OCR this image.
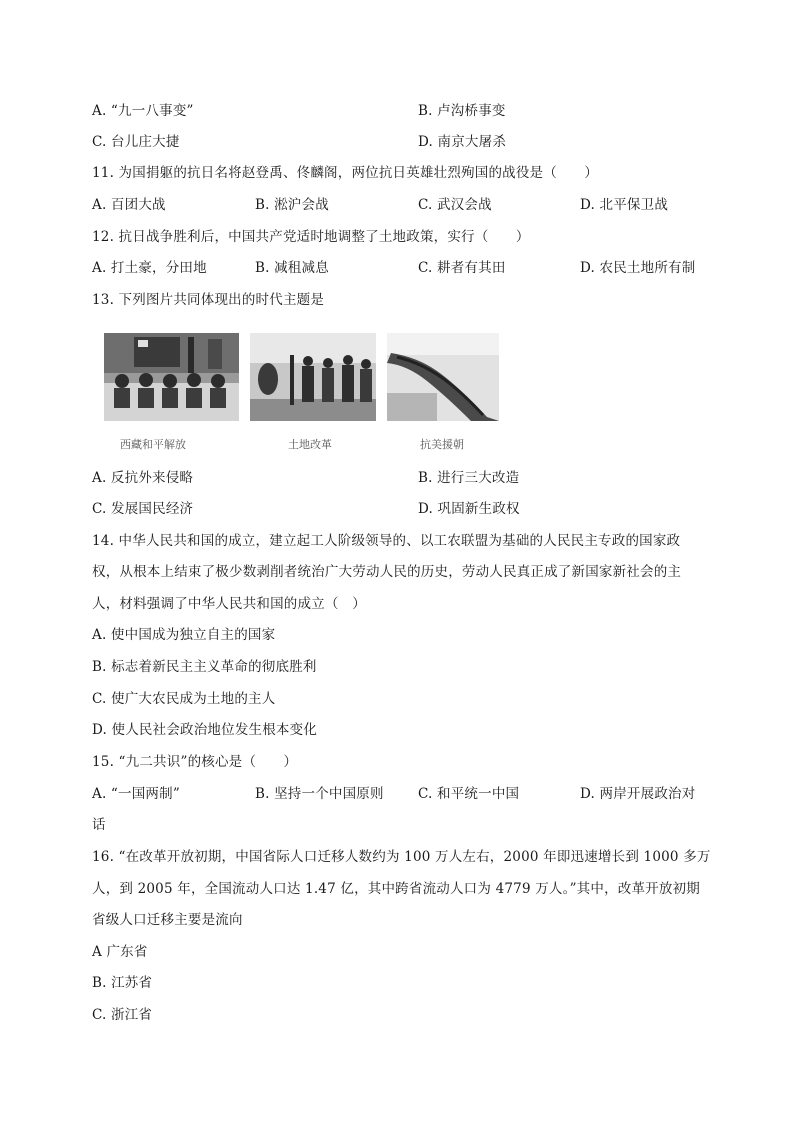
A. “九一八事变”	B. 卢沟桥事变
C. 台儿庄大捷	D. 南京大屠杀
11. 为国捐躯的抗日名将赵登禹、佟麟阁，两位抗日英雄壮烈殉国的战役是（　　）
A. 百团大战	B. 淞沪会战	C. 武汉会战	D. 北平保卫战
12. 抗日战争胜利后，中国共产党适时地调整了土地政策，实行（　　）
A. 打土豪，分田地	B. 减租减息	C. 耕者有其田	D. 农民土地所有制
13. 下列图片共同体现出的时代主题是
西藏和平解放	土地改革	抗美援朝
A. 反抗外来侵略	B. 进行三大改造
C. 发展国民经济	D. 巩固新生政权
14. 中华人民共和国的成立，建立起工人阶级领导的、以工农联盟为基础的人民民主专政的国家政
权，从根本上结束了极少数剥削者统治广大劳动人民的历史，劳动人民真正成了新国家新社会的主
人，材料强调了中华人民共和国的成立（　）
A. 使中国成为独立自主的国家
B. 标志着新民主主义革命的彻底胜利
C. 使广大农民成为土地的主人
D. 使人民社会政治地位发生根本变化
15. “九二共识”的核心是（　　）
A. “一国两制”	B. 坚持一个中国原则	C. 和平统一中国	D. 两岸开展政治对
话
16. “在改革开放初期，中国省际人口迁移人数约为 100 万人左右，2000 年即迅速增长到 1000 多万
人，到 2005 年，全国流动人口达 1.47 亿，其中跨省流动人口为 4779 万人。”其中，改革开放初期
省级人口迁移主要是流向
A 广东省
B. 江苏省
C. 浙江省
